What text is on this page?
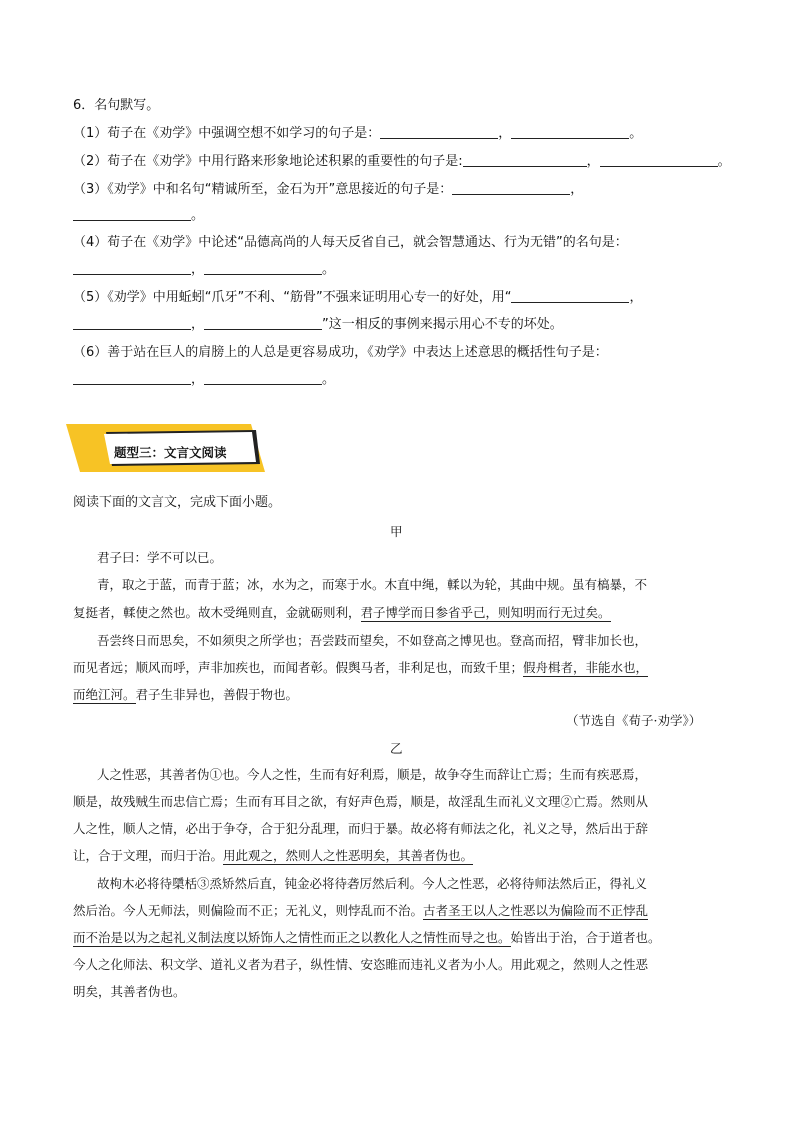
6．名句默写。
（1）荀子在《劝学》中强调空想不如学习的句子是：	，	。
（2）荀子在《劝学》中用行路来形象地论述积累的重要性的句子是:	，	。
（3）《劝学》中和名句“精诚所至，金石为开”意思接近的句子是：	，
。
（4）荀子在《劝学》中论述“品德高尚的人每天反省自己，就会智慧通达、行为无错”的名句是：
，	。
（5）《劝学》中用蚯蚓“爪牙”不利、“筋骨”不强来证明用心专一的好处，用“	，
，	”这一相反的事例来揭示用心不专的坏处。
（6）善于站在巨人的肩膀上的人总是更容易成功，《劝学》中表达上述意思的概括性句子是：
，	。
题型三：文言文阅读
阅读下面的文言文，完成下面小题。
甲
君子曰：学不可以已。
青，取之于蓝，而青于蓝；冰，水为之，而寒于水。木直中绳，輮以为轮，其曲中规。虽有槁暴，不
复挺者，輮使之然也。故木受绳则直，金就砺则利，君子博学而日参省乎己，则知明而行无过矣。
吾尝终日而思矣，不如须臾之所学也；吾尝跂而望矣，不如登高之博见也。登高而招，臂非加长也，
而见者远；顺风而呼，声非加疾也，而闻者彰。假舆马者，非利足也，而致千里；假舟楫者，非能水也，
而绝江河。君子生非异也，善假于物也。
（节选自《荀子·劝学》）
乙
人之性恶，其善者伪①也。今人之性，生而有好利焉，顺是，故争夺生而辞让亡焉；生而有疾恶焉，
顺是，故残贼生而忠信亡焉；生而有耳目之欲，有好声色焉，顺是，故淫乱生而礼义文理②亡焉。然则从
人之性，顺人之情，必出于争夺，合于犯分乱理，而归于暴。故必将有师法之化，礼义之导，然后出于辞
让，合于文理，而归于治。用此观之，然则人之性恶明矣，其善者伪也。
故枸木必将待檃栝③烝矫然后直，钝金必将待砻厉然后利。今人之性恶，必将待师法然后正，得礼义
然后治。今人无师法，则偏险而不正；无礼义，则悖乱而不治。古者圣王以人之性恶以为偏险而不正悖乱
而不治是以为之起礼义制法度以矫饰人之情性而正之以教化人之情性而导之也。始皆出于治，合于道者也。
今人之化师法、积文学、道礼义者为君子，纵性情、安恣睢而违礼义者为小人。用此观之，然则人之性恶
明矣，其善者伪也。
